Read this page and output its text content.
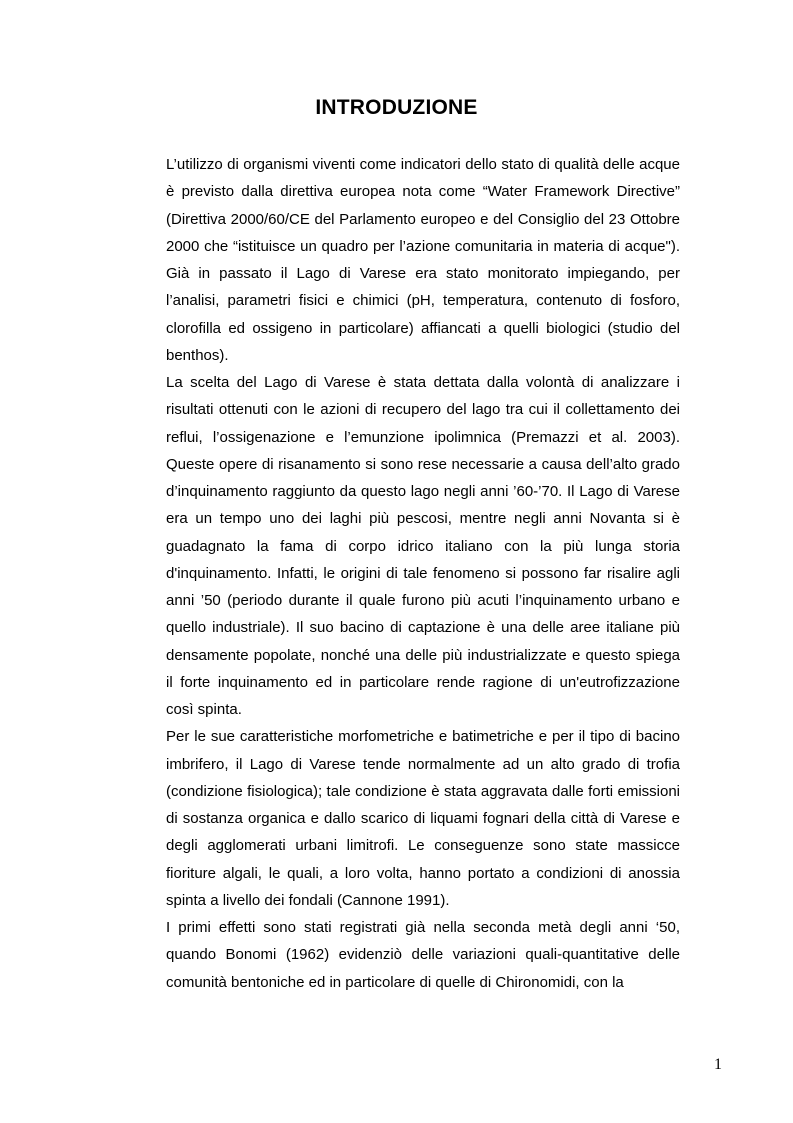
INTRODUZIONE

L’utilizzo di organismi viventi come indicatori dello stato di qualità delle acque è previsto dalla direttiva europea nota come “Water Framework Directive” (Direttiva 2000/60/CE del Parlamento europeo e del Consiglio del 23 Ottobre 2000 che “istituisce un quadro per l’azione comunitaria in materia di acque"). Già in passato il Lago di Varese era stato monitorato impiegando, per l’analisi, parametri fisici e chimici (pH, temperatura, contenuto di fosforo, clorofilla ed ossigeno in particolare) affiancati a quelli biologici (studio del benthos).

La scelta del Lago di Varese è stata dettata dalla volontà di analizzare i risultati ottenuti con le azioni di recupero del lago tra cui il collettamento dei reflui, l’ossigenazione e l’emunzione ipolimnica (Premazzi et al. 2003). Queste opere di risanamento si sono rese necessarie a causa dell’alto grado d’inquinamento raggiunto da questo lago negli anni ’60-’70. Il Lago di Varese era un tempo uno dei laghi più pescosi, mentre negli anni Novanta si è guadagnato la fama di corpo idrico italiano con la più lunga storia d'inquinamento. Infatti, le origini di tale fenomeno si possono far risalire agli anni ’50 (periodo durante il quale furono più acuti l’inquinamento urbano e quello industriale). Il suo bacino di captazione è una delle aree italiane più densamente popolate, nonché una delle più industrializzate e questo spiega il forte inquinamento ed in particolare rende ragione di un'eutrofizzazione così spinta.

Per le sue caratteristiche morfometriche e batimetriche e per il tipo di bacino imbrifero, il Lago di Varese tende normalmente ad un alto grado di trofia (condizione fisiologica); tale condizione è stata aggravata dalle forti emissioni di sostanza organica e dallo scarico di liquami fognari della città di Varese e degli agglomerati urbani limitrofi. Le conseguenze sono state massicce fioriture algali, le quali, a loro volta, hanno portato a condizioni di anossia spinta a livello dei fondali (Cannone 1991).

I primi effetti sono stati registrati già nella seconda metà degli anni ‘50, quando Bonomi (1962) evidenziò delle variazioni quali-quantitative delle comunità bentoniche ed in particolare di quelle di Chironomidi, con la

1
